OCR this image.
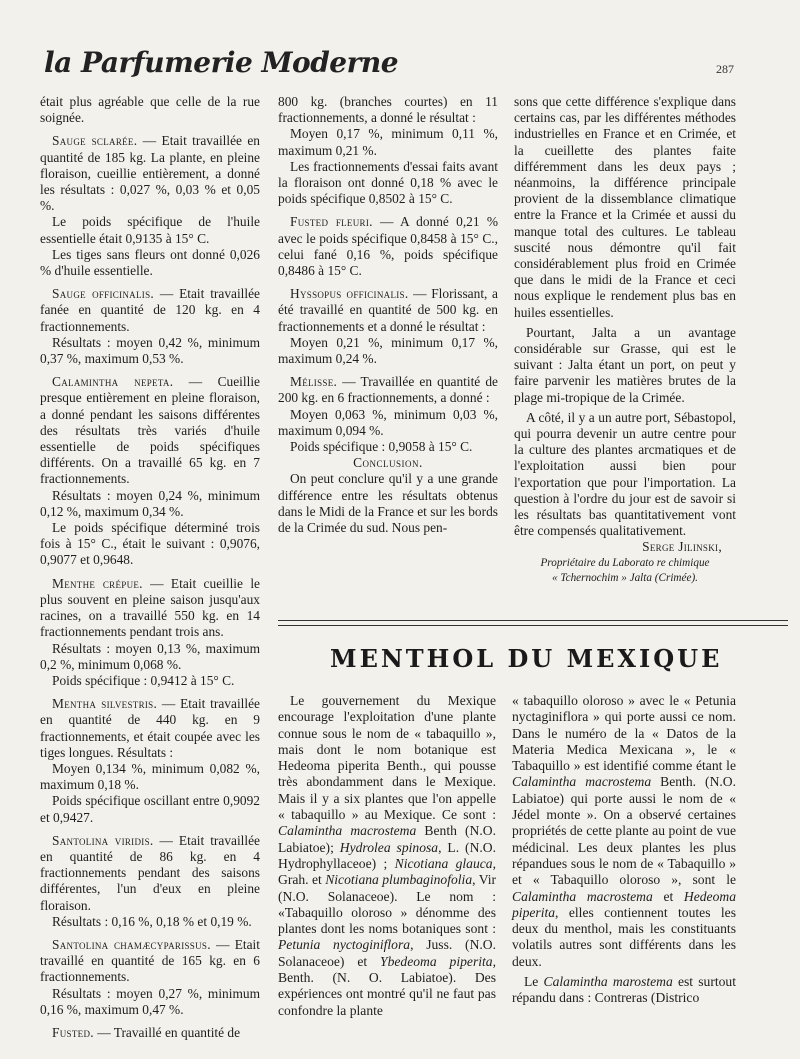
la Parfumerie Moderne	287

était plus agréable que celle de la rue soignée.

Sauge sclarée. — Etait travaillée en quantité de 185 kg. La plante, en pleine floraison, cueillie entièrement, a donné les résultats : 0,027 %, 0,03 % et 0,05 %.

Le poids spécifique de l'huile essentielle était 0,9135 à 15° C.

Les tiges sans fleurs ont donné 0,026 % d'huile essentielle.

Sauge officinalis. — Etait travaillée fanée en quantité de 120 kg. en 4 fractionnements.

Résultats : moyen 0,42 %, minimum 0,37 %, maximum 0,53 %.

Calamintha nepeta. — Cueillie presque entièrement en pleine floraison, a donné pendant les saisons différentes des résultats très variés d'huile essentielle de poids spécifiques différents. On a travaillé 65 kg. en 7 fractionnements.

Résultats : moyen 0,24 %, minimum 0,12 %, maximum 0,34 %.

Le poids spécifique déterminé trois fois à 15° C., était le suivant : 0,9076, 0,9077 et 0,9648.

Menthe crépue. — Etait cueillie le plus souvent en pleine saison jusqu'aux racines, on a travaillé 550 kg. en 14 fractionnements pendant trois ans.

Résultats : moyen 0,13 %, maximum 0,2 %, minimum 0,068 %.

Poids spécifique : 0,9412 à 15° C.

Mentha silvestris. — Etait travaillée en quantité de 440 kg. en 9 fractionnements, et était coupée avec les tiges longues. Résultats :

Moyen 0,134 %, minimum 0,082 %, maximum 0,18 %.

Poids spécifique oscillant entre 0,9092 et 0,9427.

Santolina viridis. — Etait travaillée en quantité de 86 kg. en 4 fractionnements pendant des saisons différentes, l'un d'eux en pleine floraison.

Résultats : 0,16 %, 0,18 % et 0,19 %.

Santolina chamæcyparissus. — Etait travaillé en quantité de 165 kg. en 6 fractionnements.

Résultats : moyen 0,27 %, minimum 0,16 %, maximum 0,47 %.

Fusted. — Travaillé en quantité de

800 kg. (branches courtes) en 11 fractionnements, a donné le résultat :

Moyen 0,17 %, minimum 0,11 %, maximum 0,21 %.

Les fractionnements d'essai faits avant la floraison ont donné 0,18 % avec le poids spécifique 0,8502 à 15° C.

Fusted fleuri. — A donné 0,21 % avec le poids spécifique 0,8458 à 15° C., celui fané 0,16 %, poids spécifique 0,8486 à 15° C.

Hyssopus officinalis. — Florissant, a été travaillé en quantité de 500 kg. en fractionnements et a donné le résultat :

Moyen 0,21 %, minimum 0,17 %, maximum 0,24 %.

Mélisse. — Travaillée en quantité de 200 kg. en 6 fractionnements, a donné :

Moyen 0,063 %, minimum 0,03 %, maximum 0,094 %.

Poids spécifique : 0,9058 à 15° C.

Conclusion.

On peut conclure qu'il y a une grande différence entre les résultats obtenus dans le Midi de la France et sur les bords de la Crimée du sud. Nous pen-

sons que cette différence s'explique dans certains cas, par les différentes méthodes industrielles en France et en Crimée, et la cueillette des plantes faite différemment dans les deux pays ; néanmoins, la différence principale provient de la dissemblance climatique entre la France et la Crimée et aussi du manque total des cultures. Le tableau suscité nous démontre qu'il fait considérablement plus froid en Crimée que dans le midi de la France et ceci nous explique le rendement plus bas en huiles essentielles.

Pourtant, Jalta a un avantage considérable sur Grasse, qui est le suivant : Jalta étant un port, on peut y faire parvenir les matières brutes de la plage mi-tropique de la Crimée.

A côté, il y a un autre port, Sébastopol, qui pourra devenir un autre centre pour la culture des plantes arcmatiques et de l'exploitation aussi bien pour l'exportation que pour l'importation. La question à l'ordre du jour est de savoir si les résultats bas quantitativement vont être compensés qualitativement.

Serge Jilinski,

Propriétaire du Laborato re chimique

« Tchernochim » Jalta (Crimée).

MENTHOL DU MEXIQUE

Le gouvernement du Mexique encourage l'exploitation d'une plante connue sous le nom de « tabaquillo », mais dont le nom botanique est Hedeoma piperita Benth., qui pousse très abondamment dans le Mexique. Mais il y a six plantes que l'on appelle « tabaquillo » au Mexique. Ce sont : Calamintha macrostema Benth (N.O. Labiatoe); Hydrolea spinosa, L. (N.O. Hydrophyllaceoe) ; Nicotiana glauca, Grah. et Nicotiana plumbaginofolia, Vir (N.O. Solanaceoe). Le nom : «Tabaquillo oloroso » dénomme des plantes dont les noms botaniques sont : Petunia nyctoginiflora, Juss. (N.O. Solanaceoe) et Ybedeoma piperita, Benth. (N. O. Labiatoe). Des expériences ont montré qu'il ne faut pas confondre la plante

« tabaquillo oloroso » avec le « Petunia nyctaginiflora » qui porte aussi ce nom. Dans le numéro de la « Datos de la Materia Medica Mexicana », le « Tabaquillo » est identifié comme étant le Calamintha macrostema Benth. (N.O. Labiatoe) qui porte aussi le nom de « Jédel monte ». On a observé certaines propriétés de cette plante au point de vue médicinal. Les deux plantes les plus répandues sous le nom de « Tabaquillo » et « Tabaquillo oloroso », sont le Calamintha macrostema et Hedeoma piperita, elles contiennent toutes les deux du menthol, mais les constituants volatils autres sont différents dans les deux.

Le Calamintha marostema est surtout répandu dans : Contreras (Districo
